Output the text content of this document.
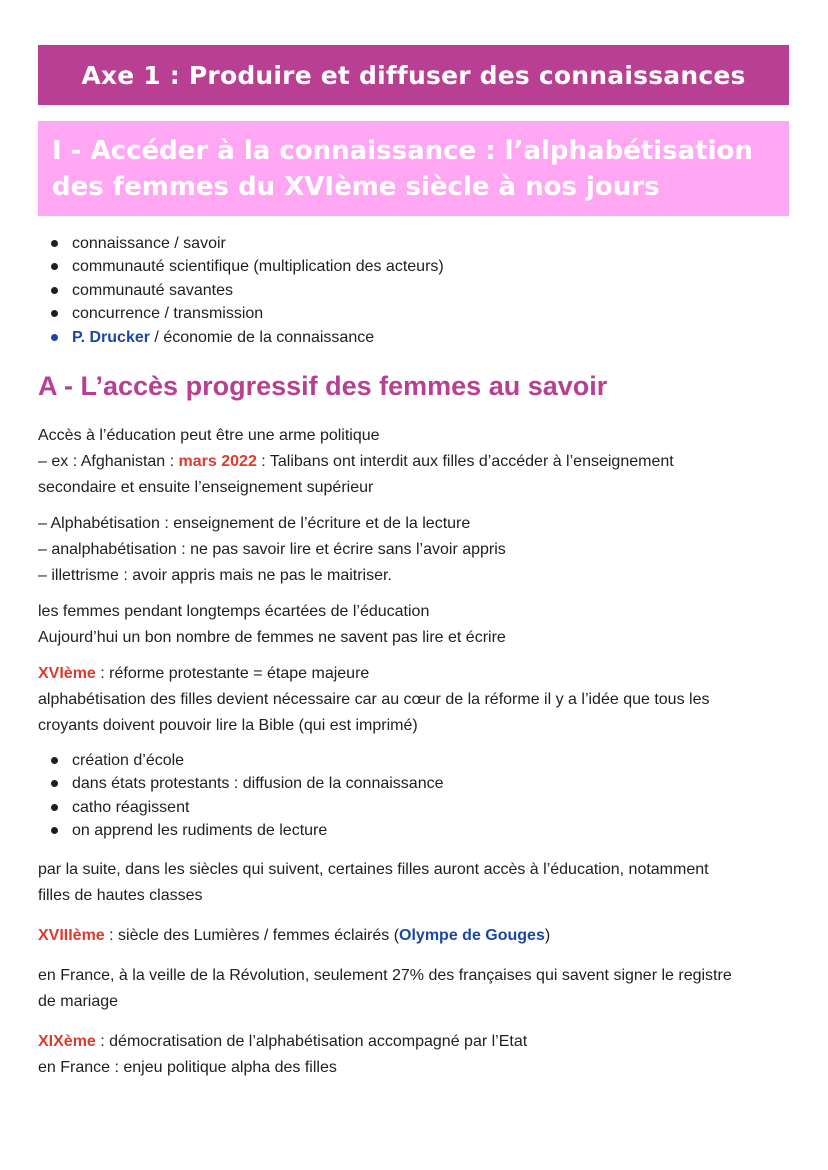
Axe 1 : Produire et diffuser des connaissances
I - Accéder à la connaissance : l’alphabétisation
des femmes du XVIème siècle à nos jours
connaissance / savoir
communauté scientifique (multiplication des acteurs)
communauté savantes
concurrence / transmission
P. Drucker / économie de la connaissance
A - L’accès progressif des femmes au savoir

Accès à l’éducation peut être une arme politique

– ex : Afghanistan : mars 2022 : Talibans ont interdit aux filles d’accéder à l’enseignement

secondaire et ensuite l’enseignement supérieur

– Alphabétisation : enseignement de l’écriture et de la lecture

– analphabétisation : ne pas savoir lire et écrire sans l’avoir appris

– illettrisme : avoir appris mais ne pas le maitriser.

les femmes pendant longtemps écartées de l’éducation

Aujourd’hui un bon nombre de femmes ne savent pas lire et écrire

XVIème : réforme protestante = étape majeure

alphabétisation des filles devient nécessaire car au cœur de la réforme il y a l’idée que tous les

croyants doivent pouvoir lire la Bible (qui est imprimé)

création d’école
dans états protestants : diffusion de la connaissance
catho réagissent
on apprend les rudiments de lecture

par la suite, dans les siècles qui suivent, certaines filles auront accès à l’éducation, notamment

filles de hautes classes

XVIIIème : siècle des Lumières / femmes éclairés (Olympe de Gouges)

en France, à la veille de la Révolution, seulement 27% des françaises qui savent signer le registre

de mariage

XIXème : démocratisation de l’alphabétisation accompagné par l’Etat

en France : enjeu politique alpha des filles
